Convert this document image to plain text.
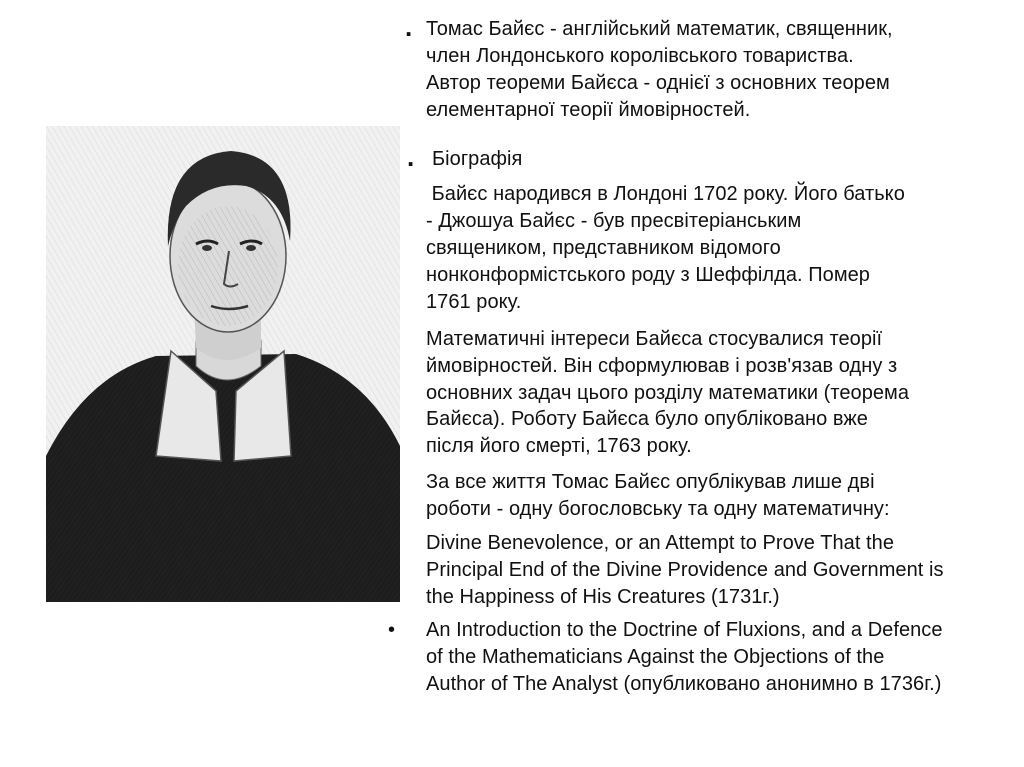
. Томас Байєс - англійський математик, священник,
член Лондонського королівського товариства.
Автор теореми Байєса - однієї з основних теорем
елементарної теорії ймовірностей.
. Біографія
Байєс народився в Лондоні 1702 року. Його батько
- Джошуа Байєс - був пресвітеріанським
священиком, представником відомого
нонконформістського роду з Шеффілда. Помер
1761 року.
Математичні інтереси Байєса стосувалися теорії
ймовірностей. Він сформулював і розв'язав одну з
основних задач цього розділу математики (теорема
Байєса). Роботу Байєса було опубліковано вже
після його смерті, 1763 року.
За все життя Томас Байєс опублікував лише дві
роботи - одну богословську та одну математичну:
Divine Benevolence, or an Attempt to Prove That the
Principal End of the Divine Providence and Government is
the Happiness of His Creatures (1731г.)
• An Introduction to the Doctrine of Fluxions, and a Defence
of the Mathematicians Against the Objections of the
Author of The Analyst (опубликовано анонимно в 1736г.)
